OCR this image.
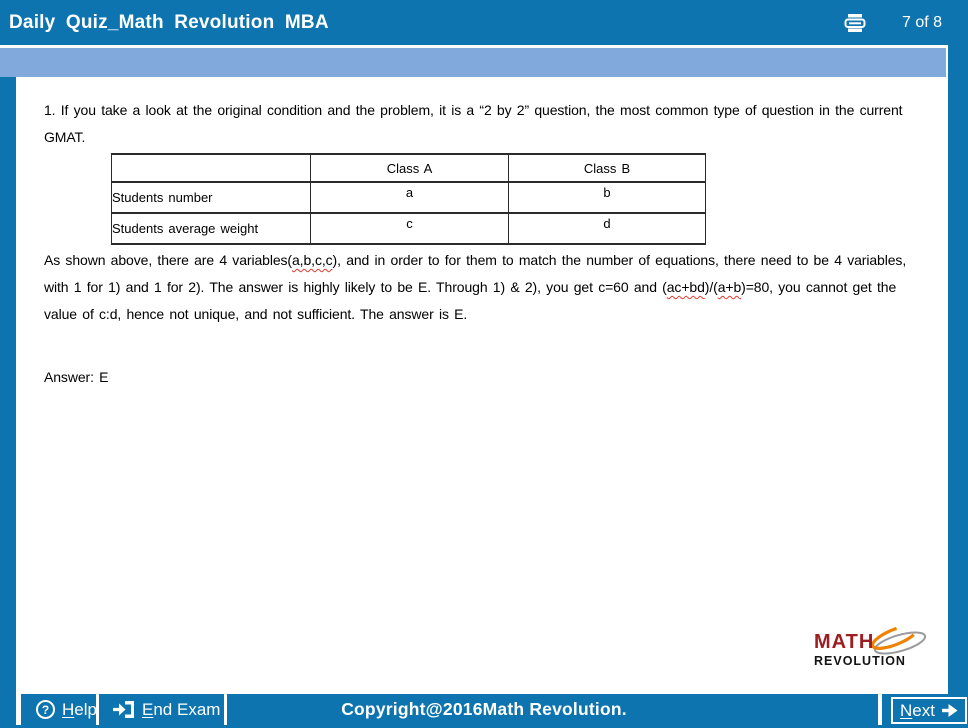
Daily Quiz_Math Revolution MBA	7 of 8
1. If you take a look at the original condition and the problem, it is a “2 by 2” question, the most common type of question in the current GMAT.
	Class A	Class B
Students number	a	b
Students average weight	c	d
As shown above, there are 4 variables(a,b,c,c), and in order to for them to match the number of equations, there need to be 4 variables, with 1 for 1) and 1 for 2). The answer is highly likely to be E. Through 1) & 2), you get c=60 and (ac+bd)/(a+b)=80, you cannot get the value of c:d, hence not unique, and not sufficient. The answer is E.
Answer: E
MATH
REVOLUTION
Copyright@2016Math Revolution.
? Help	End Exam	Next
